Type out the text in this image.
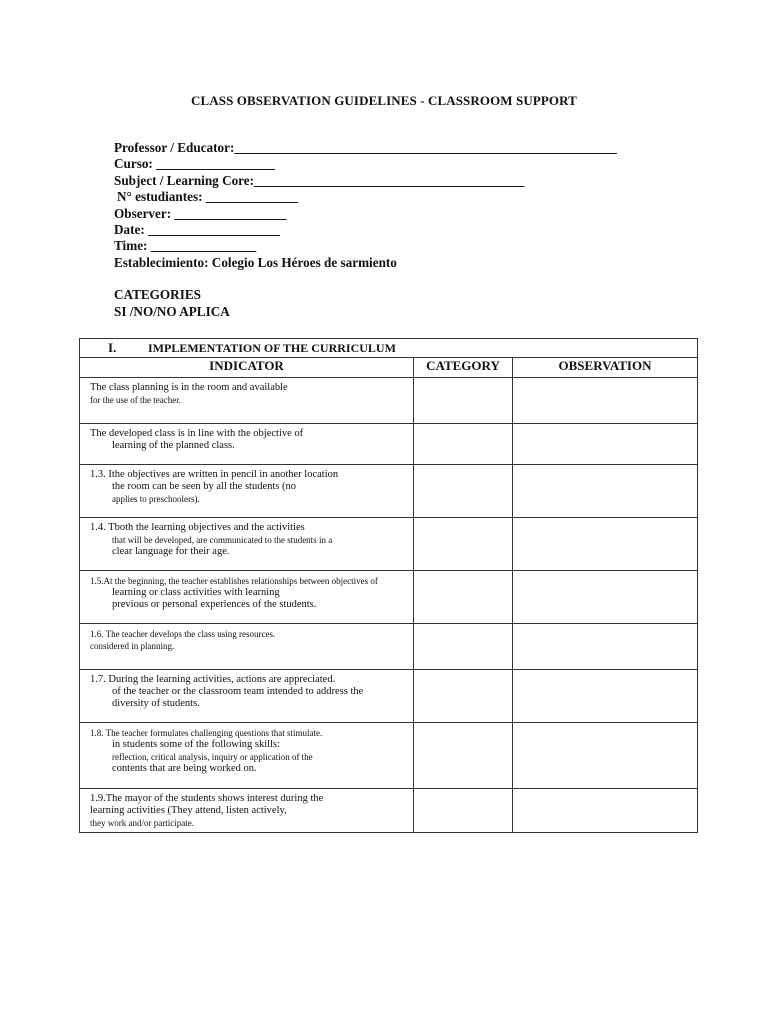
CLASS OBSERVATION GUIDELINES - CLASSROOM SUPPORT
Professor / Educator:__________________________________________________________
Curso: __________________
Subject / Learning Core:_________________________________________
N° estudiantes: ______________
Observer: _________________
Date: ____________________
Time: ________________
Establecimiento: Colegio Los Héroes de sarmiento
CATEGORIES
SI /NO/NO APLICA
I. IMPLEMENTATION OF THE CURRICULUM		
INDICATOR	CATEGORY	OBSERVATION

The class planning is in the room and available
for the use of the teacher.		

The developed class is in line with the objective of
learning of the planned class.		

1.3. Ithe objectives are written in pencil in another location
the room can be seen by all the students (no
applies to preschoolers).		

1.4. Tboth the learning objectives and the activities
that will be developed, are communicated to the students in a
clear language for their age.		

1.5.At the beginning, the teacher establishes relationships between objectives of
learning or class activities with learning
previous or personal experiences of the students.		

1.6. The teacher develops the class using resources.
considered in planning.		

1.7. During the learning activities, actions are appreciated.
of the teacher or the classroom team intended to address the
diversity of students.		

1.8. The teacher formulates challenging questions that stimulate.
in students some of the following skills:
reflection, critical analysis, inquiry or application of the
contents that are being worked on.		

1.9.The mayor of the students shows interest during the
learning activities (They attend, listen actively,
they work and/or participate.		
